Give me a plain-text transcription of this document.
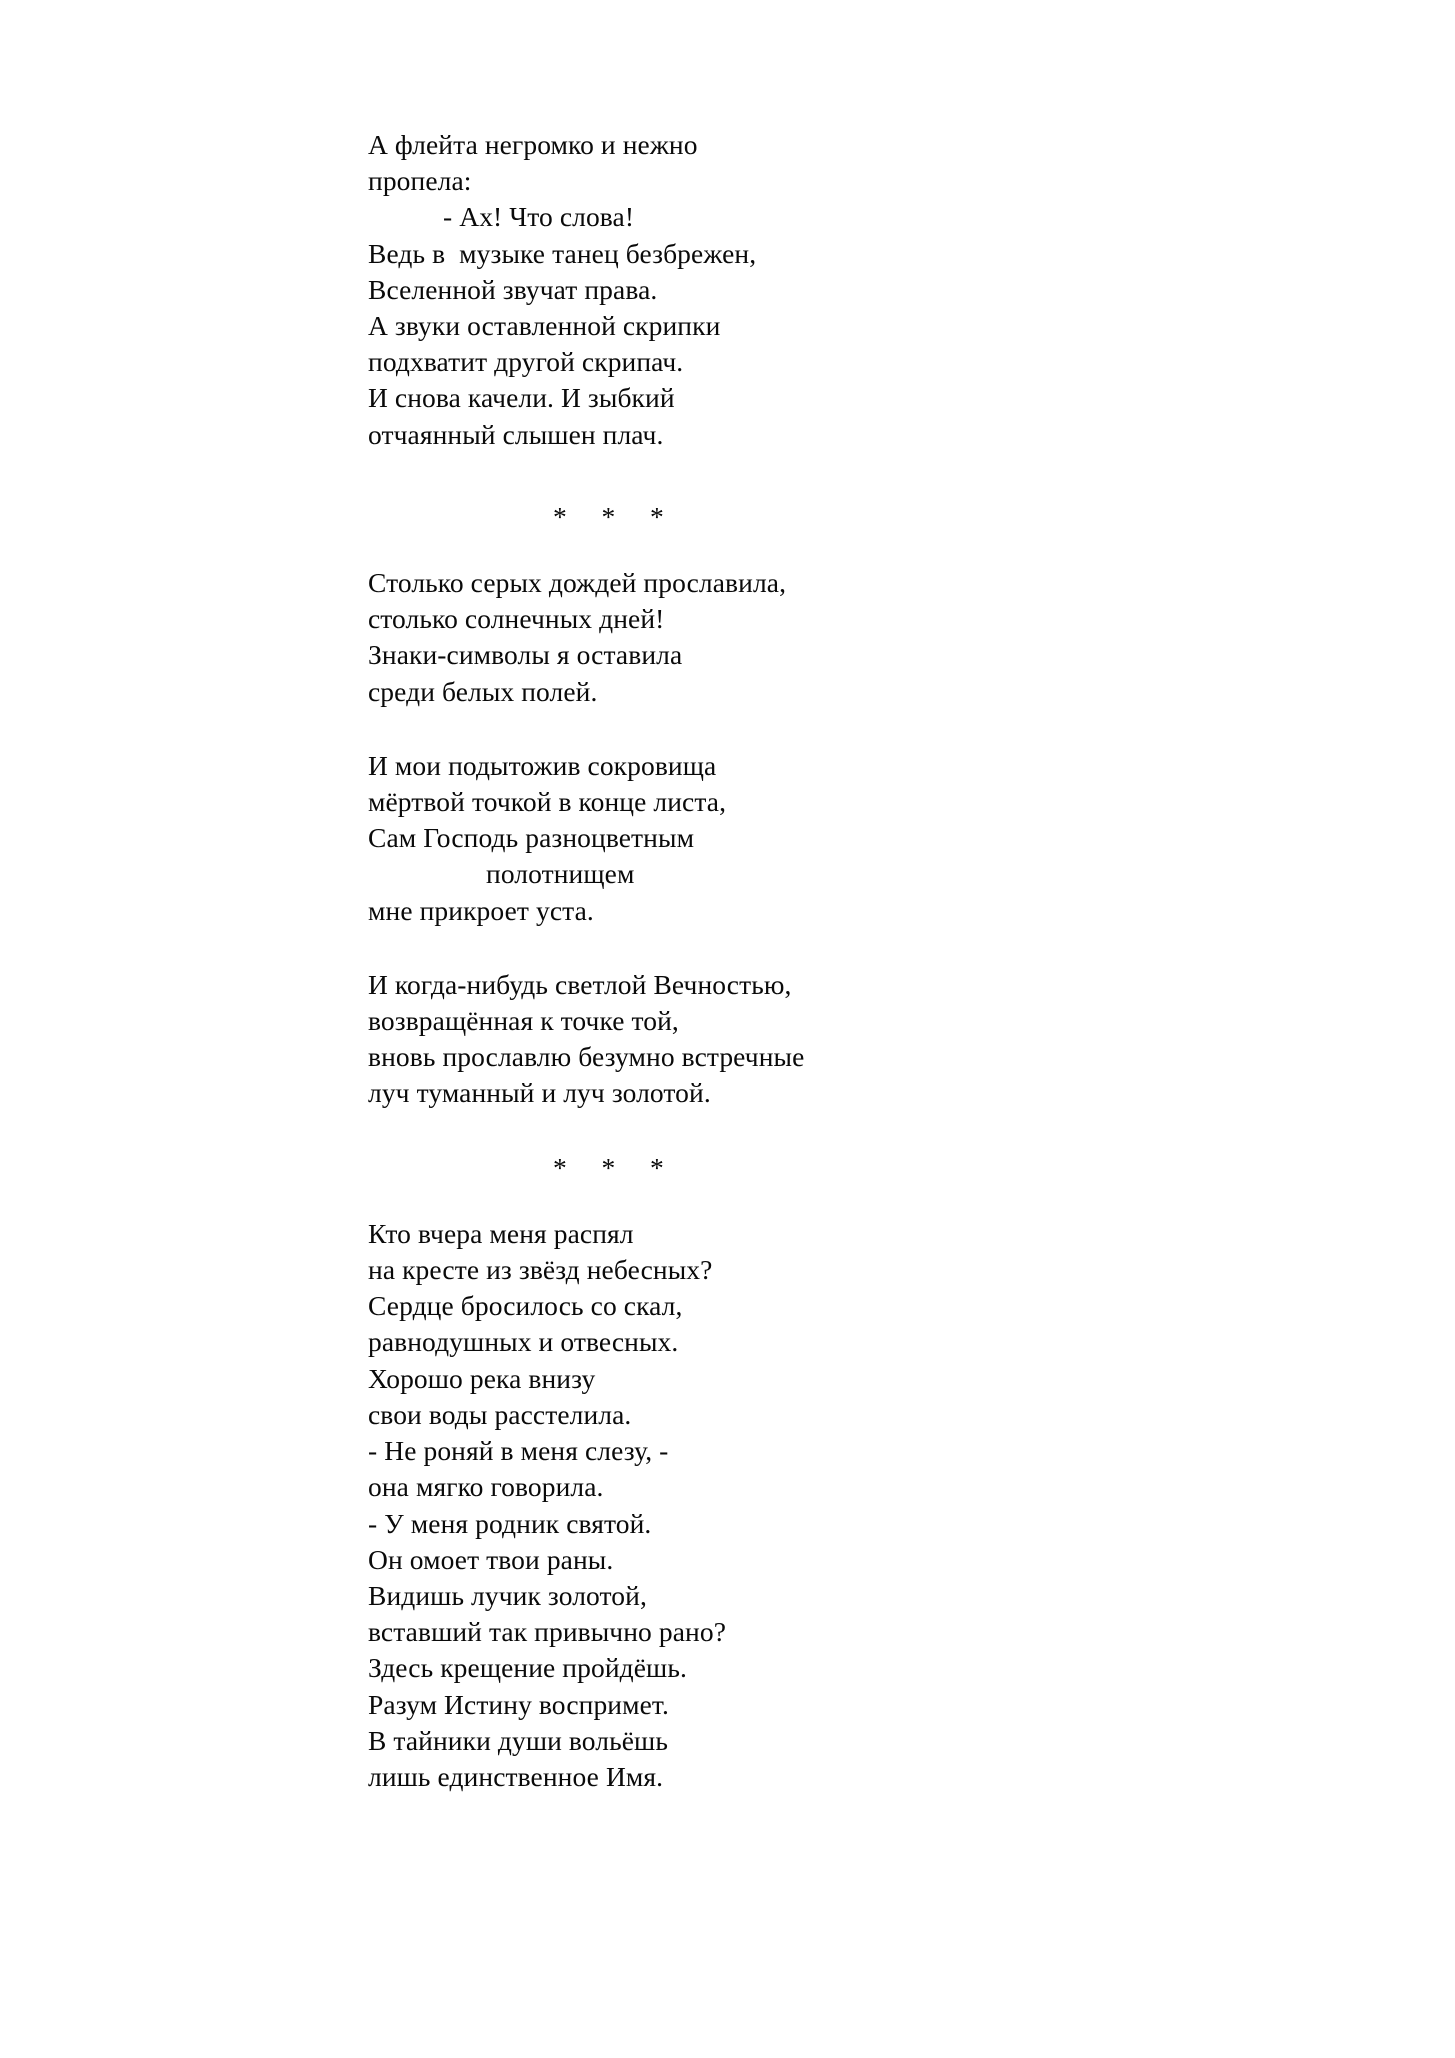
А флейта негромко и нежно
пропела:
- Ах! Что слова!
Ведь в  музыке танец безбрежен,
Вселенной звучат права.
А звуки оставленной скрипки
подхватит другой скрипач.
И снова качели. И зыбкий
отчаянный слышен плач.
*  *  *
Столько серых дождей прославила,
столько солнечных дней!
Знаки-символы я оставила
среди белых полей.
И мои подытожив сокровища
мёртвой точкой в конце листа,
Сам Господь разноцветным
полотнищем
мне прикроет уста.
И когда-нибудь светлой Вечностью,
возвращённая к точке той,
вновь прославлю безумно встречные
луч туманный и луч золотой.
*  *  *
Кто вчера меня распял
на кресте из звёзд небесных?
Сердце бросилось со скал,
равнодушных и отвесных.
Хорошо река внизу
свои воды расстелила.
- Не роняй в меня слезу, -
она мягко говорила.
- У меня родник святой.
Он омоет твои раны.
Видишь лучик золотой,
вставший так привычно рано?
Здесь крещение пройдёшь.
Разум Истину воспримет.
В тайники души вольёшь
лишь единственное Имя.
